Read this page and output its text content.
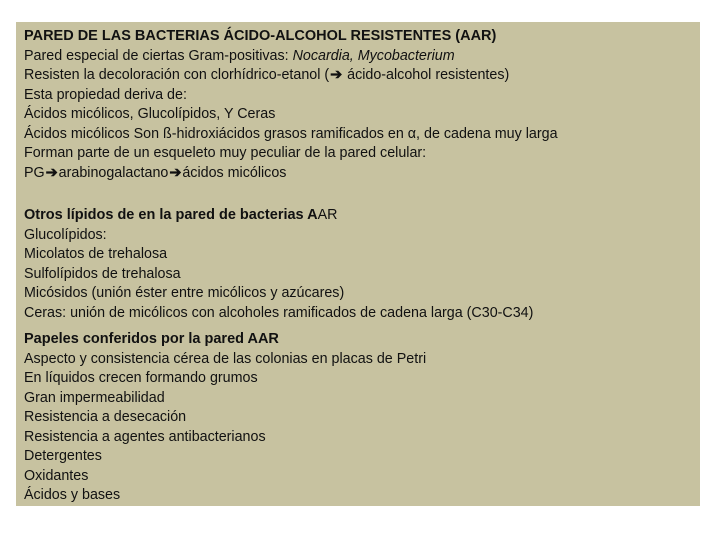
PARED DE LAS BACTERIAS ÁCIDO-ALCOHOL RESISTENTES (AAR)
Pared especial de ciertas Gram-positivas: Nocardia, Mycobacterium
Resisten la decoloración con clorhídrico-etanol (➔ ácido-alcohol resistentes)
Esta propiedad deriva de:
Ácidos micólicos, Glucolípidos, Y Ceras
Ácidos micólicos Son ß-hidroxiácidos grasos ramificados en α, de cadena muy larga
Forman parte de un esqueleto muy peculiar de la pared celular:
PG➔arabinogalactano➔ácidos micólicos
Otros lípidos de en la pared de bacterias AAR
Glucolípidos:
Micolatos de trehalosa
Sulfolípidos de trehalosa
Micósidos (unión éster entre micólicos y azúcares)
Ceras: unión de micólicos con alcoholes ramificados de cadena larga (C30-C34)
Papeles conferidos por la pared AAR
Aspecto y consistencia cérea de las colonias en placas de Petri
En líquidos crecen formando grumos
Gran impermeabilidad
Resistencia a desecación
Resistencia a agentes antibacterianos
Detergentes
Oxidantes
Ácidos y bases
